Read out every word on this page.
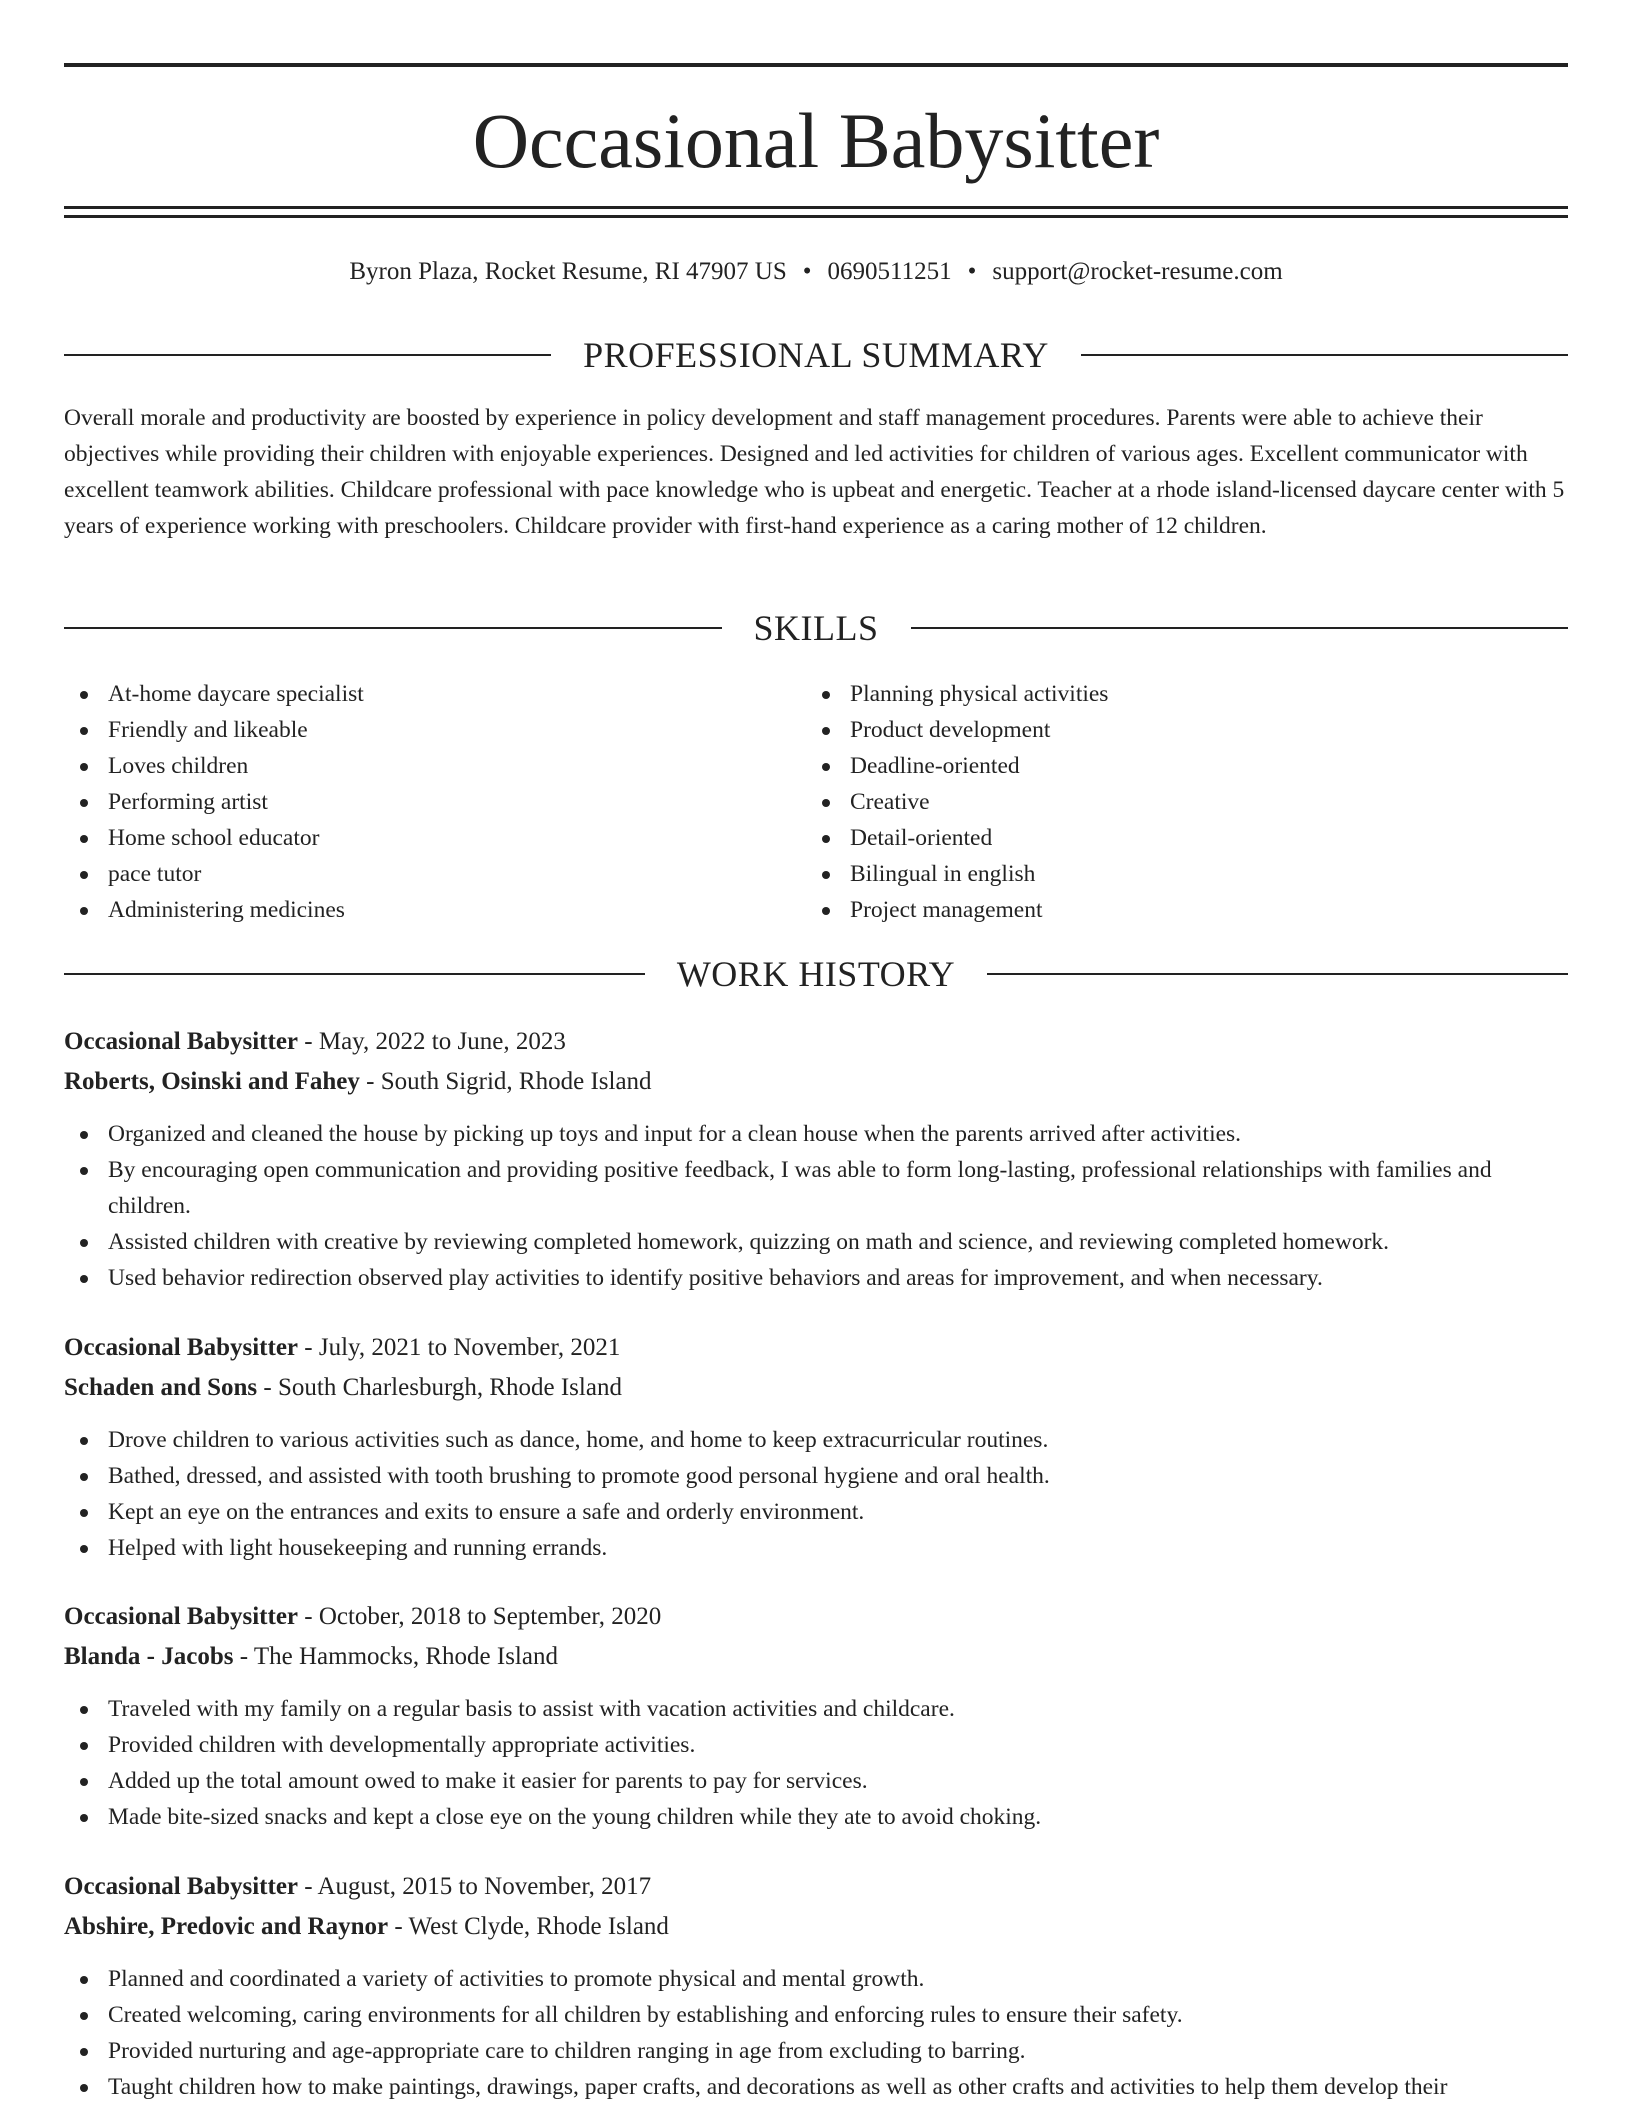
Occasional Babysitter
Byron Plaza, Rocket Resume, RI 47907 US • 0690511251 • support@rocket-resume.com
PROFESSIONAL SUMMARY

Overall morale and productivity are boosted by experience in policy development and staff management procedures. Parents were able to achieve their objectives while providing their children with enjoyable experiences. Designed and led activities for children of various ages. Excellent communicator with excellent teamwork abilities. Childcare professional with pace knowledge who is upbeat and energetic. Teacher at a rhode island-licensed daycare center with 5 years of experience working with preschoolers. Childcare provider with first-hand experience as a caring mother of 12 children.

SKILLS
At-home daycare specialist
Friendly and likeable
Loves children
Performing artist
Home school educator
pace tutor
Administering medicines
Planning physical activities
Product development
Deadline-oriented
Creative
Detail-oriented
Bilingual in english
Project management
WORK HISTORY
Occasional Babysitter - May, 2022 to June, 2023
Roberts, Osinski and Fahey - South Sigrid, Rhode Island
Organized and cleaned the house by picking up toys and input for a clean house when the parents arrived after activities.
By encouraging open communication and providing positive feedback, I was able to form long-lasting, professional relationships with families and children.
Assisted children with creative by reviewing completed homework, quizzing on math and science, and reviewing completed homework.
Used behavior redirection observed play activities to identify positive behaviors and areas for improvement, and when necessary.
Occasional Babysitter - July, 2021 to November, 2021
Schaden and Sons - South Charlesburgh, Rhode Island
Drove children to various activities such as dance, home, and home to keep extracurricular routines.
Bathed, dressed, and assisted with tooth brushing to promote good personal hygiene and oral health.
Kept an eye on the entrances and exits to ensure a safe and orderly environment.
Helped with light housekeeping and running errands.
Occasional Babysitter - October, 2018 to September, 2020
Blanda - Jacobs - The Hammocks, Rhode Island
Traveled with my family on a regular basis to assist with vacation activities and childcare.
Provided children with developmentally appropriate activities.
Added up the total amount owed to make it easier for parents to pay for services.
Made bite-sized snacks and kept a close eye on the young children while they ate to avoid choking.
Occasional Babysitter - August, 2015 to November, 2017
Abshire, Predovic and Raynor - West Clyde, Rhode Island
Planned and coordinated a variety of activities to promote physical and mental growth.
Created welcoming, caring environments for all children by establishing and enforcing rules to ensure their safety.
Provided nurturing and age-appropriate care to children ranging in age from excluding to barring.
Taught children how to make paintings, drawings, paper crafts, and decorations as well as other crafts and activities to help them develop their
